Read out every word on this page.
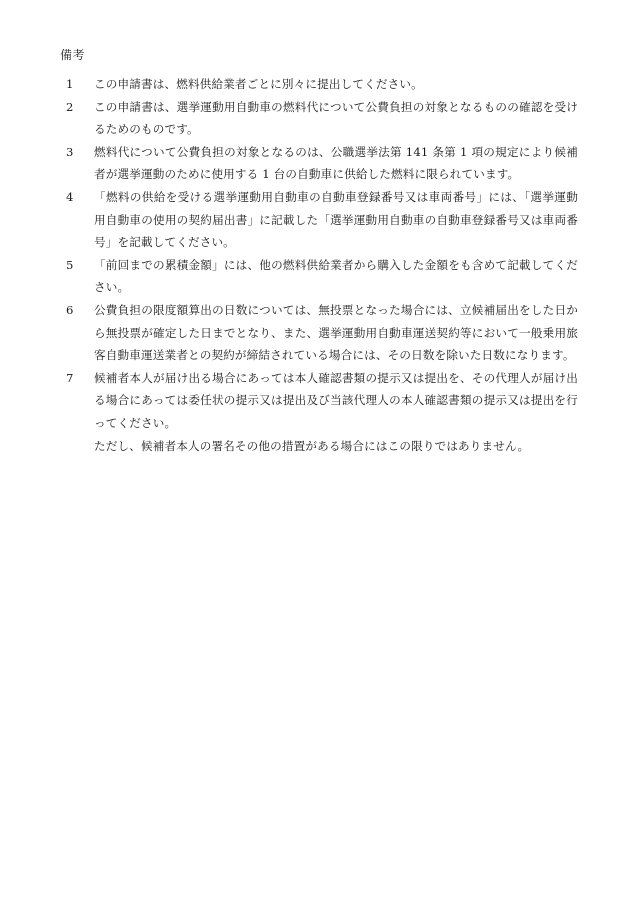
備考
1	この申請書は、燃料供給業者ごとに別々に提出してください。
2	この申請書は、選挙運動用自動車の燃料代について公費負担の対象となるものの確認を受けるためのものです。
3	燃料代について公費負担の対象となるのは、公職選挙法第 141 条第 1 項の規定により候補者が選挙運動のために使用する 1 台の自動車に供給した燃料に限られています。
4	「燃料の供給を受ける選挙運動用自動車の自動車登録番号又は車両番号」には、「選挙運動用自動車の使用の契約届出書」に記載した「選挙運動用自動車の自動車登録番号又は車両番号」を記載してください。
5	「前回までの累積金額」には、他の燃料供給業者から購入した金額をも含めて記載してください。
6	公費負担の限度額算出の日数については、無投票となった場合には、立候補届出をした日から無投票が確定した日までとなり、また、選挙運動用自動車運送契約等において一般乗用旅客自動車運送業者との契約が締結されている場合には、その日数を除いた日数になります。
7	候補者本人が届け出る場合にあっては本人確認書類の提示又は提出を、その代理人が届け出る場合にあっては委任状の提示又は提出及び当該代理人の本人確認書類の提示又は提出を行ってください。
ただし、候補者本人の署名その他の措置がある場合にはこの限りではありません。
